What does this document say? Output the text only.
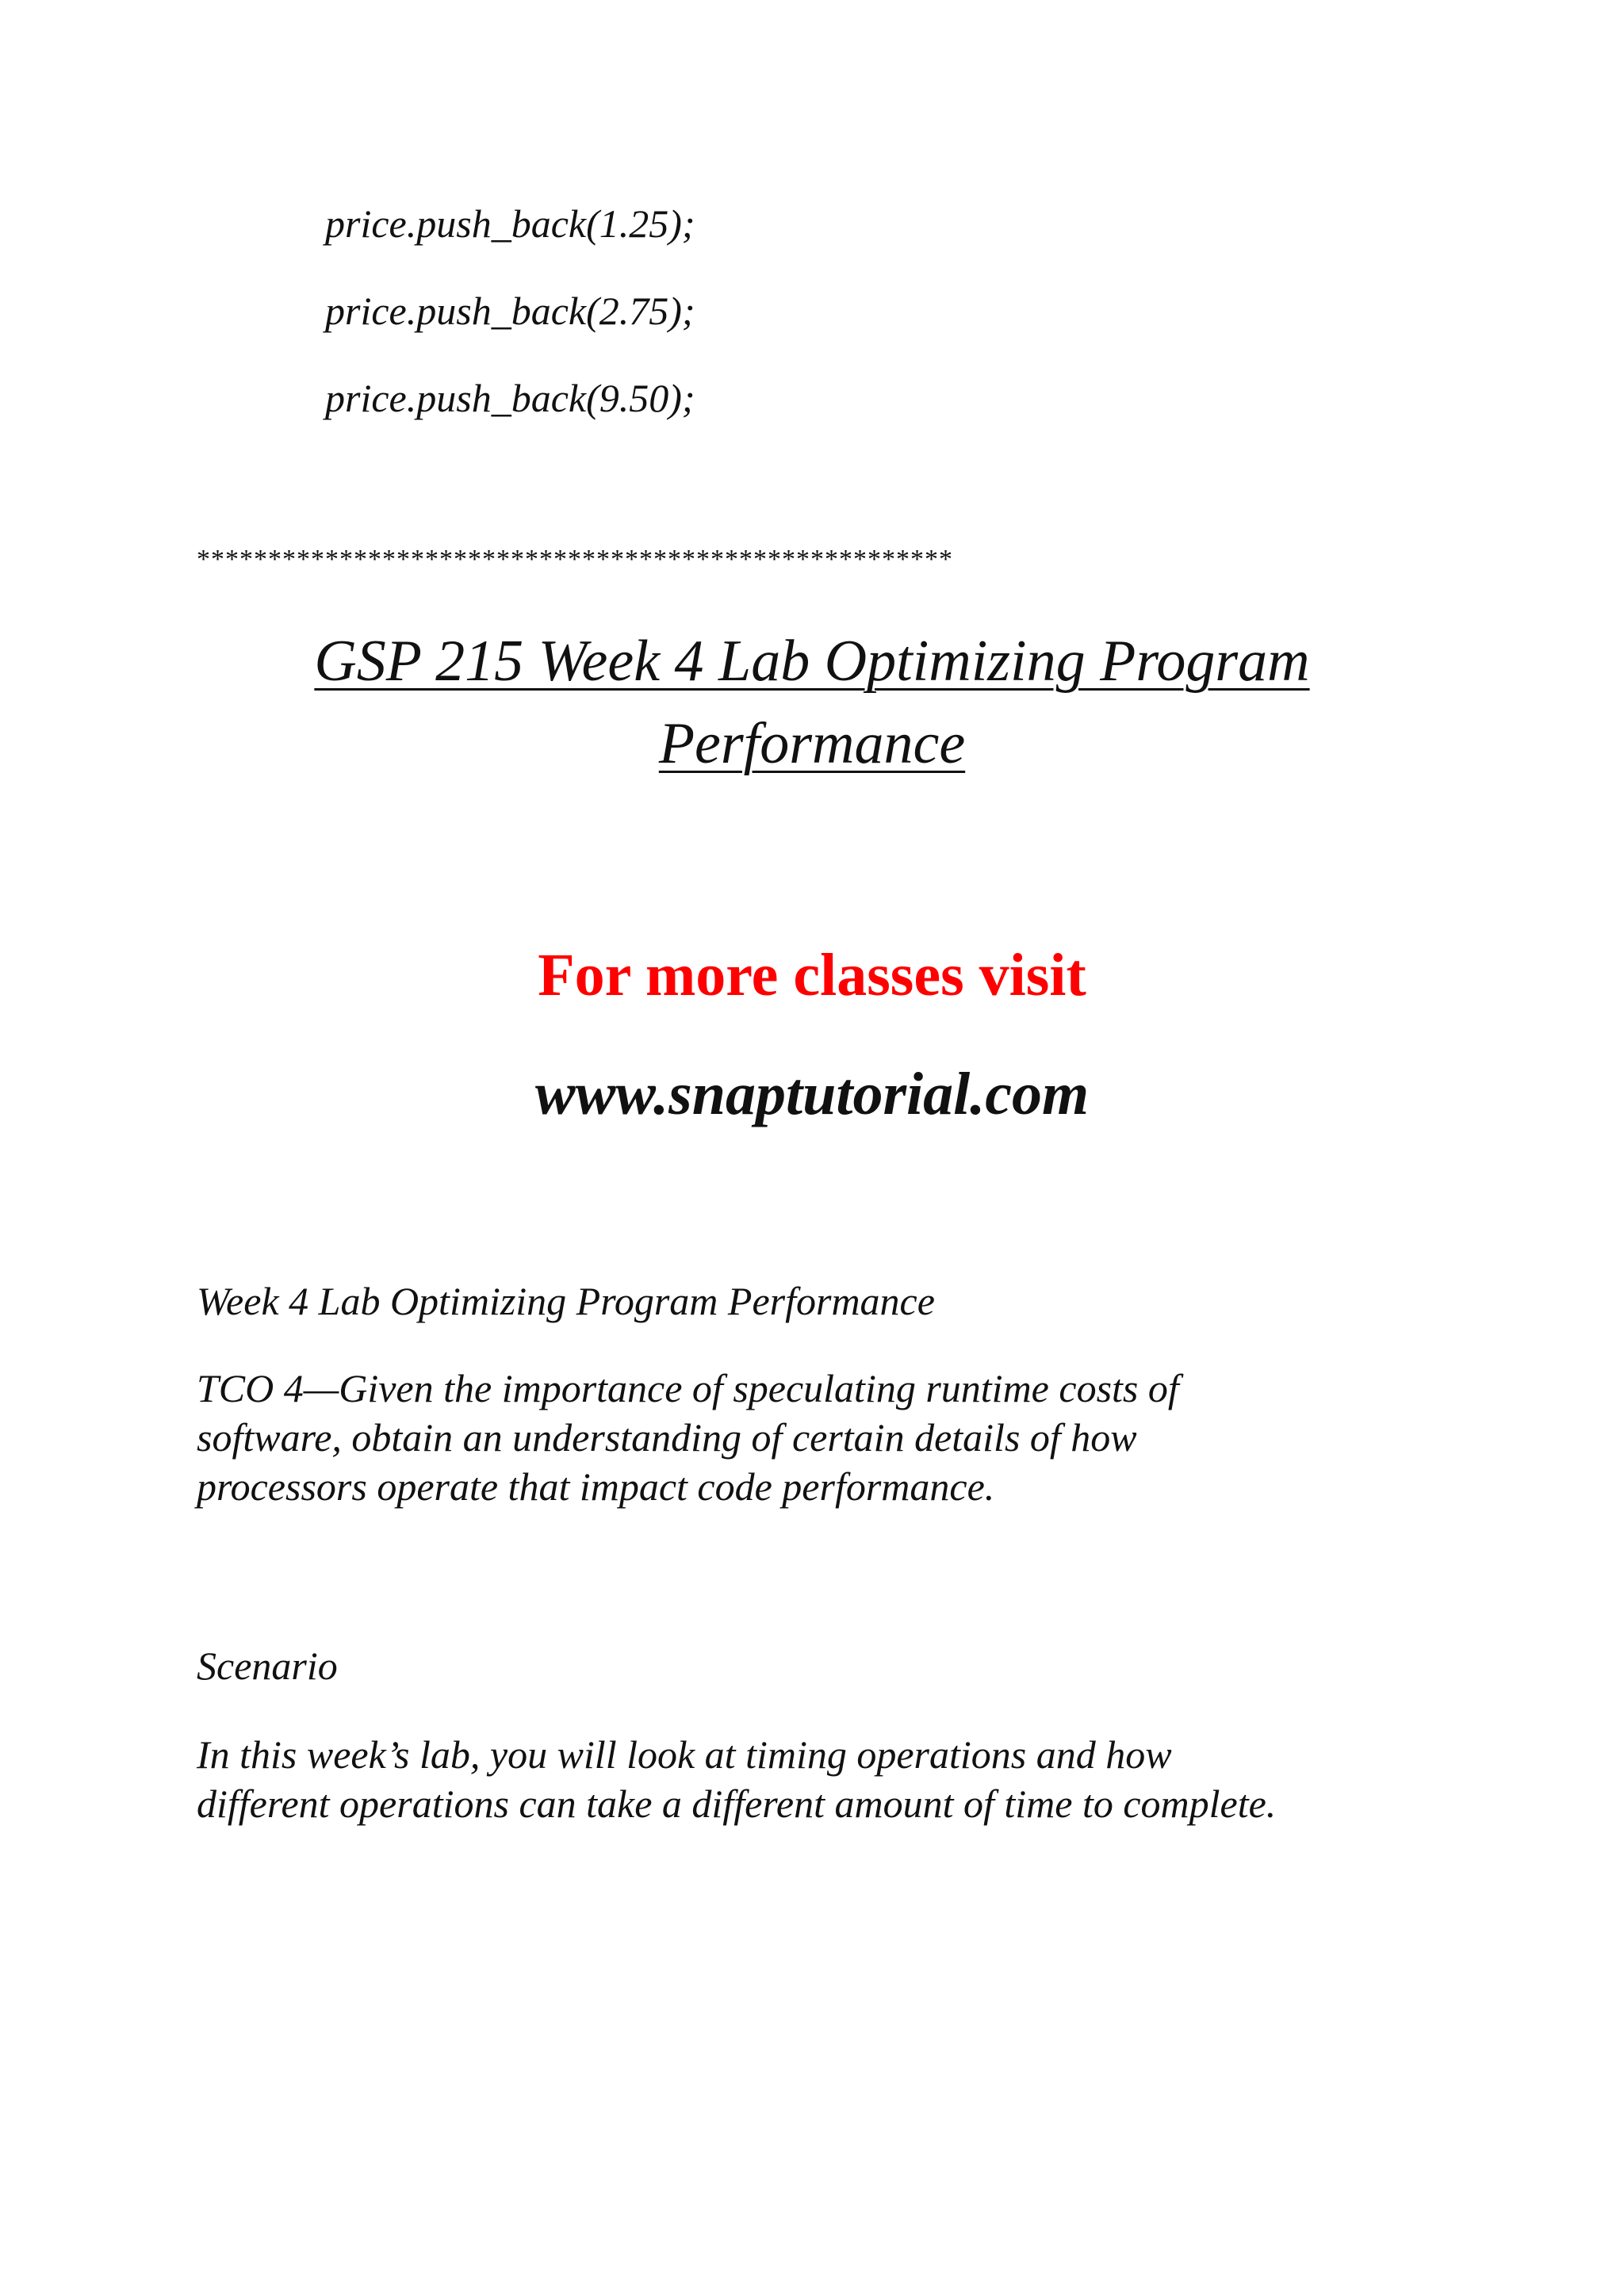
price.push_back(1.25);
price.push_back(2.75);
price.push_back(9.50);
*****************************************************
GSP 215 Week 4 Lab Optimizing Program
Performance
For more classes visit
www.snaptutorial.com
Week 4 Lab Optimizing Program Performance
TCO 4—Given the importance of speculating runtime costs of
software, obtain an understanding of certain details of how
processors operate that impact code performance.
Scenario
In this week’s lab, you will look at timing operations and how
different operations can take a different amount of time to complete.
